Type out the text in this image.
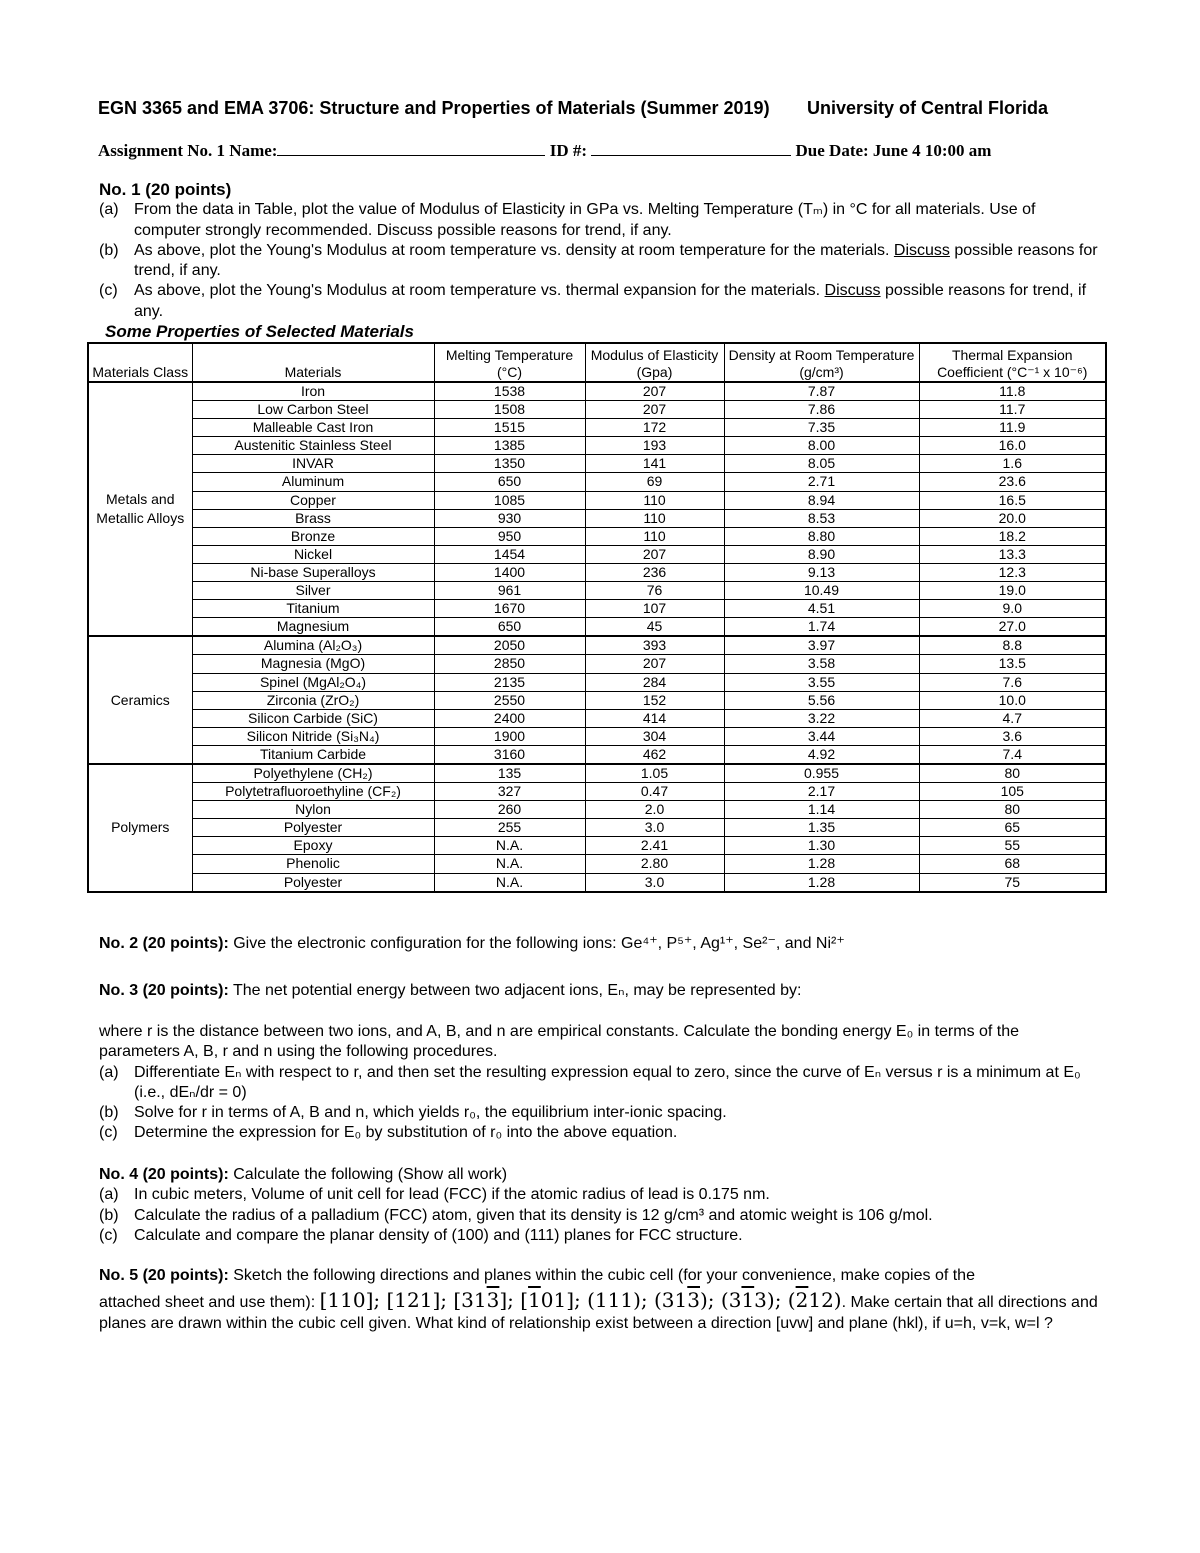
EGN 3365 and EMA 3706: Structure and Properties of Materials (Summer 2019) University of Central Florida
Assignment No. 1 Name:	ID #:	Due Date: June 4 10:00 am
No. 1 (20 points)
(a) From the data in Table, plot the value of Modulus of Elasticity in GPa vs. Melting Temperature (Tₘ) in °C for all materials. Use of computer strongly recommended. Discuss possible reasons for trend, if any.
(b) As above, plot the Young's Modulus at room temperature vs. density at room temperature for the materials. Discuss possible reasons for trend, if any.
(c) As above, plot the Young's Modulus at room temperature vs. thermal expansion for the materials. Discuss possible reasons for trend, if any.
Some Properties of Selected Materials
Materials Class	Materials	Melting Temperature (°C)	Modulus of Elasticity (Gpa)	Density at Room Temperature (g/cm³)	Thermal Expansion Coefficient (°C⁻¹ x 10⁻⁶)
Metals and Metallic Alloys	Iron	1538	207	7.87	11.8
	Low Carbon Steel	1508	207	7.86	11.7
	Malleable Cast Iron	1515	172	7.35	11.9
	Austenitic Stainless Steel	1385	193	8.00	16.0
	INVAR	1350	141	8.05	1.6
	Aluminum	650	69	2.71	23.6
	Copper	1085	110	8.94	16.5
	Brass	930	110	8.53	20.0
	Bronze	950	110	8.80	18.2
	Nickel	1454	207	8.90	13.3
	Ni-base Superalloys	1400	236	9.13	12.3
	Silver	961	76	10.49	19.0
	Titanium	1670	107	4.51	9.0
	Magnesium	650	45	1.74	27.0
Ceramics	Alumina (Al₂O₃)	2050	393	3.97	8.8
	Magnesia (MgO)	2850	207	3.58	13.5
	Spinel (MgAl₂O₄)	2135	284	3.55	7.6
	Zirconia (ZrO₂)	2550	152	5.56	10.0
	Silicon Carbide (SiC)	2400	414	3.22	4.7
	Silicon Nitride (Si₃N₄)	1900	304	3.44	3.6
	Titanium Carbide	3160	462	4.92	7.4
Polymers	Polyethylene (CH₂)	135	1.05	0.955	80
	Polytetrafluoroethyline (CF₂)	327	0.47	2.17	105
	Nylon	260	2.0	1.14	80
	Polyester	255	3.0	1.35	65
	Epoxy	N.A.	2.41	1.30	55
	Phenolic	N.A.	2.80	1.28	68
	Polyester	N.A.	3.0	1.28	75
No. 2 (20 points): Give the electronic configuration for the following ions: Ge⁴⁺, P⁵⁺, Ag¹⁺, Se²⁻, and Ni²⁺
No. 3 (20 points): The net potential energy between two adjacent ions, Eₙ, may be represented by:
where r is the distance between two ions, and A, B, and n are empirical constants. Calculate the bonding energy E₀ in terms of the parameters A, B, r and n using the following procedures.
(a) Differentiate Eₙ with respect to r, and then set the resulting expression equal to zero, since the curve of Eₙ versus r is a minimum at E₀ (i.e., dEₙ/dr = 0)
(b) Solve for r in terms of A, B and n, which yields r₀, the equilibrium inter-ionic spacing.
(c) Determine the expression for E₀ by substitution of r₀ into the above equation.
No. 4 (20 points): Calculate the following (Show all work)
(a) In cubic meters, Volume of unit cell for lead (FCC) if the atomic radius of lead is 0.175 nm.
(b) Calculate the radius of a palladium (FCC) atom, given that its density is 12 g/cm³ and atomic weight is 106 g/mol.
(c) Calculate and compare the planar density of (100) and (111) planes for FCC structure.
No. 5 (20 points): Sketch the following directions and planes within the cubic cell (for your convenience, make copies of the
attached sheet and use them): [110]; [121]; [313]; [101]; (111); (313); (313); (212). Make certain that all directions and planes are drawn within the cubic cell given. What kind of relationship exist between a direction [uvw] and plane (hkl), if u=h, v=k, w=l ?
